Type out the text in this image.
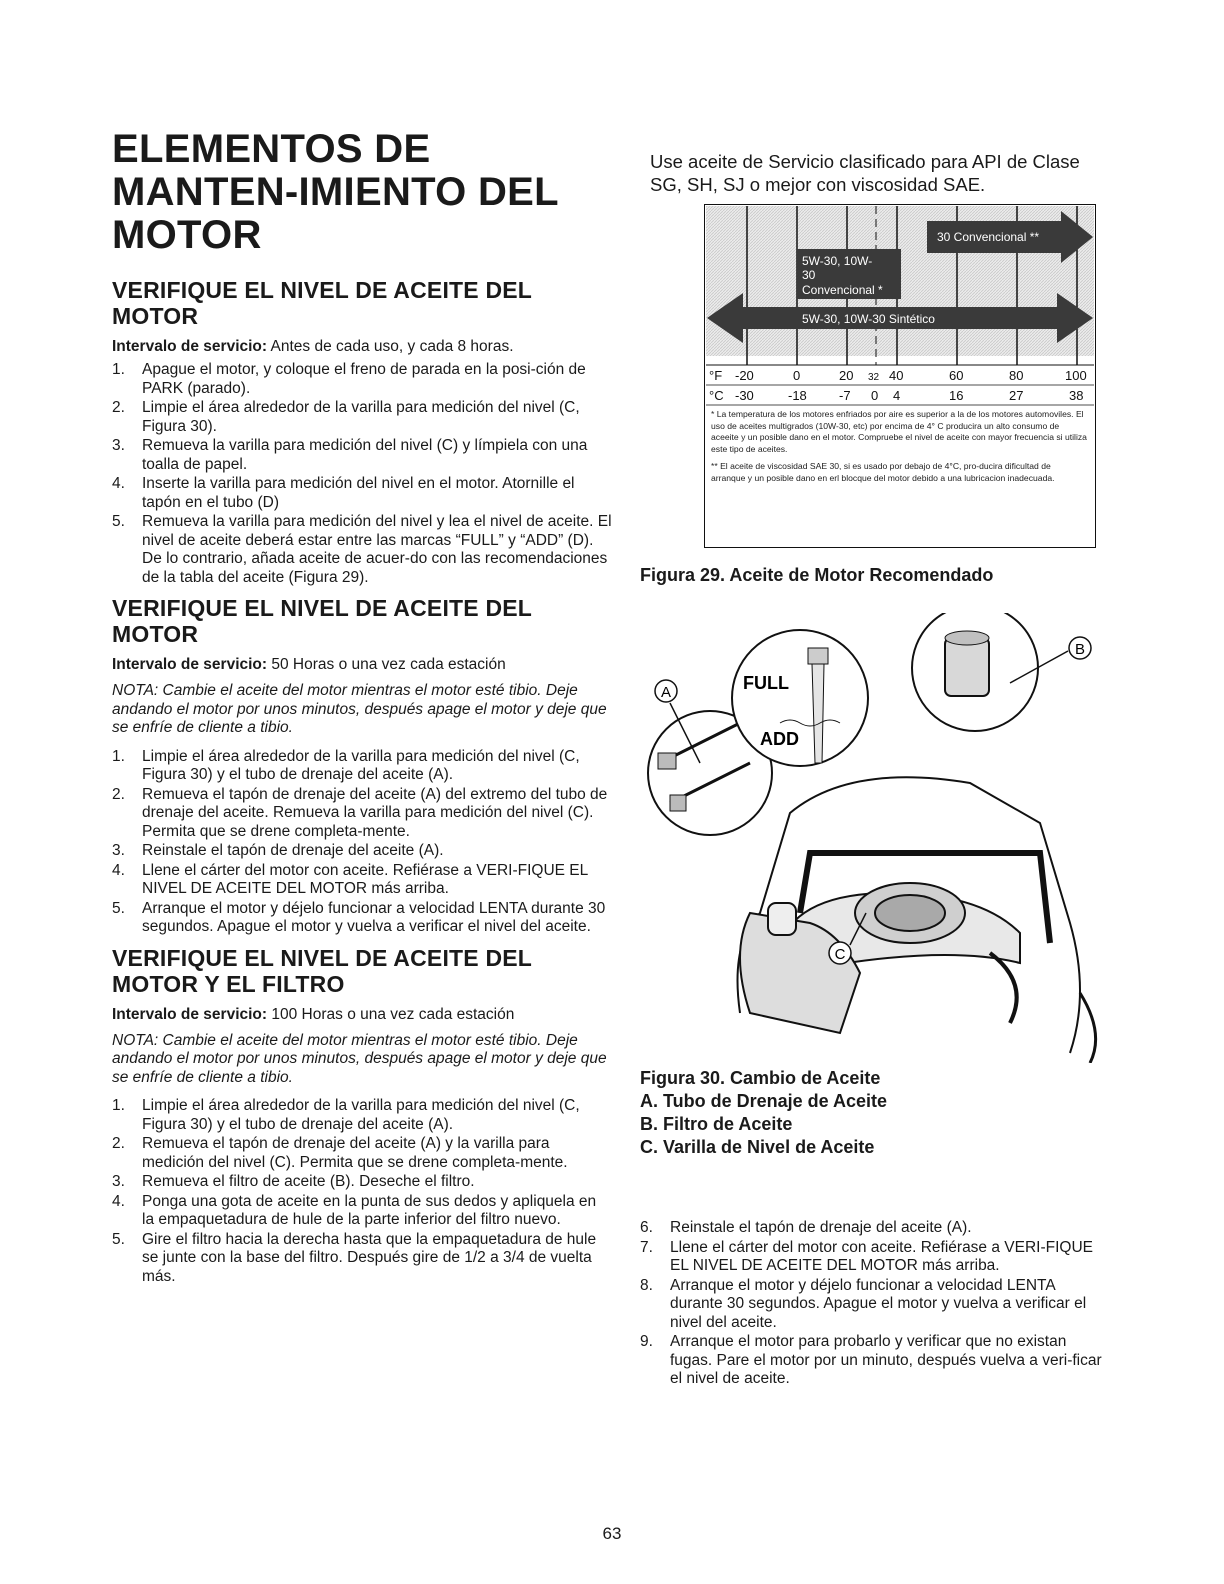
ELEMENTOS DE MANTEN-IMIENTO DEL MOTOR
VERIFIQUE EL NIVEL DE ACEITE DEL MOTOR

Intervalo de servicio: Antes de cada uso, y cada 8 horas.

1. Apague el motor, y coloque el freno de parada en la posi-ción de PARK (parado).
2. Limpie el área alrededor de la varilla para medición del nivel (C, Figura 30).
3. Remueva la varilla para medición del nivel (C) y límpiela con una toalla de papel.
4. Inserte la varilla para medición del nivel en el motor. Atornille el tapón en el tubo (D)
5. Remueva la varilla para medición del nivel y lea el nivel de aceite. El nivel de aceite deberá estar entre las marcas “FULL” y “ADD” (D). De lo contrario, añada aceite de acuer-do con las recomendaciones de la tabla del aceite (Figura 29).
VERIFIQUE EL NIVEL DE ACEITE DEL MOTOR

Intervalo de servicio: 50 Horas o una vez cada estación

NOTA: Cambie el aceite del motor mientras el motor esté tibio. Deje andando el motor por unos minutos, después apage el motor y deje que se enfríe de cliente a tibio.

1. Limpie el área alrededor de la varilla para medición del nivel (C, Figura 30) y el tubo de drenaje del aceite (A).
2. Remueva el tapón de drenaje del aceite (A) del extremo del tubo de drenaje del aceite. Remueva la varilla para medición del nivel (C). Permita que se drene completa-mente.
3. Reinstale el tapón de drenaje del aceite (A).
4. Llene el cárter del motor con aceite. Refiérase a VERI-FIQUE EL NIVEL DE ACEITE DEL MOTOR más arriba.
5. Arranque el motor y déjelo funcionar a velocidad LENTA durante 30 segundos. Apague el motor y vuelva a verificar el nivel del aceite.
VERIFIQUE EL NIVEL DE ACEITE DEL MOTOR Y EL FILTRO

Intervalo de servicio: 100 Horas o una vez cada estación

NOTA: Cambie el aceite del motor mientras el motor esté tibio. Deje andando el motor por unos minutos, después apage el motor y deje que se enfríe de cliente a tibio.

1. Limpie el área alrededor de la varilla para medición del nivel (C, Figura 30) y el tubo de drenaje del aceite (A).
2. Remueva el tapón de drenaje del aceite (A) y la varilla para medición del nivel (C). Permita que se drene completa-mente.
3. Remueva el filtro de aceite (B). Deseche el filtro.
4. Ponga una gota de aceite en la punta de sus dedos y apliquela en la empaquetadura de hule de la parte inferior del filtro nuevo.
5. Gire el filtro hacia la derecha hasta que la empaquetadura de hule se junte con la base del filtro. Después gire de 1/2 a 3/4 de vuelta más.

Use aceite de Servicio clasificado para API de Clase SG, SH, SJ o mejor con viscosidad SAE.

30 Convencional **
5W-30, 10W-
30
Convencional *
5W-30, 10W-30 Sintético
°F -20	0	20 32 40	60	80	100
°C -30	-18 -7 0 4	16	27	38
* La temperatura de los motores enfriados por aire es superior a la de los motores automoviles. El uso de aceites multigrados (10W-30, etc) por encima de 4° C producira un alto consumo de aceeite y un posible dano en el motor. Compruebe el nivel de aceite con mayor frecuencia si utiliza este tipo de aceites.
** El aceite de viscosidad SAE 30, si es usado por debajo de 4°C, pro-ducira dificultad de arranque y un posible dano en erl blocque del motor debido a una lubricacion inadecuada.

Figura 29. Aceite de Motor Recomendado

FULL
ADD
A
B
C

Figura 30. Cambio de Aceite

A. Tubo de Drenaje de Aceite
B. Filtro de Aceite
C. Varilla de Nivel de Aceite
6. Reinstale el tapón de drenaje del aceite (A).
7. Llene el cárter del motor con aceite. Refiérase a VERI-FIQUE EL NIVEL DE ACEITE DEL MOTOR más arriba.
8. Arranque el motor y déjelo funcionar a velocidad LENTA durante 30 segundos. Apague el motor y vuelva a verificar el nivel del aceite.
9. Arranque el motor para probarlo y verificar que no existan fugas. Pare el motor por un minuto, después vuelva a veri-ficar el nivel de aceite.
63
